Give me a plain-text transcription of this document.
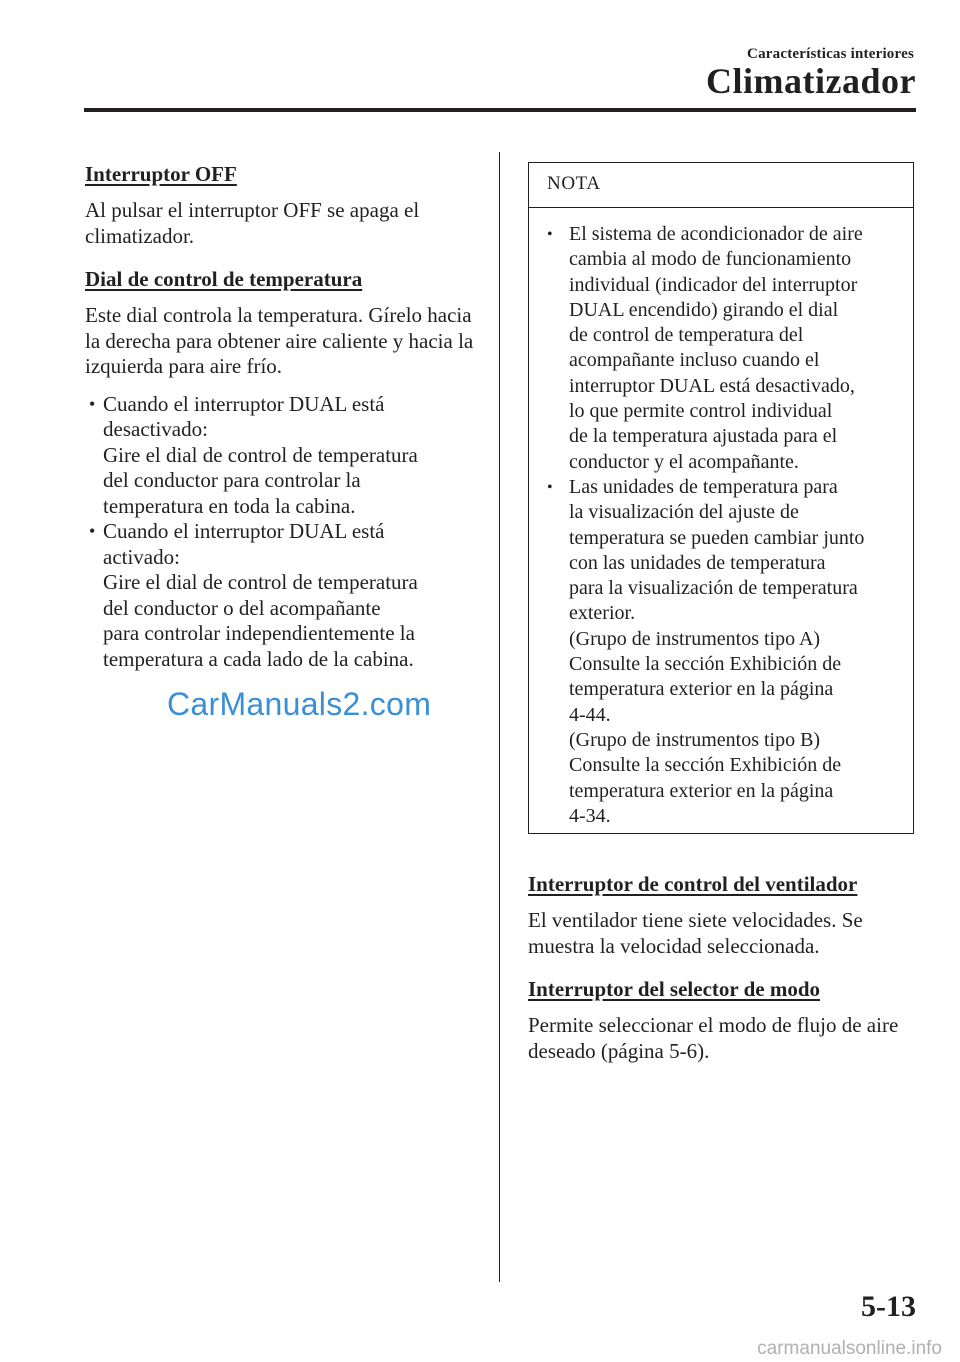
Características interiores
Climatizador
Interruptor OFF

Al pulsar el interruptor OFF se apaga el climatizador.

Dial de control de temperatura

Este dial controla la temperatura. Gírelo hacia la derecha para obtener aire caliente y hacia la izquierda para aire frío.

• Cuando el interruptor DUAL está
desactivado:
Gire el dial de control de temperatura
del conductor para controlar la
temperatura en toda la cabina.
• Cuando el interruptor DUAL está
activado:
Gire el dial de control de temperatura
del conductor o del acompañante
para controlar independientemente la
temperatura a cada lado de la cabina.
CarManuals2.com
NOTA
• El sistema de acondicionador de aire
cambia al modo de funcionamiento
individual (indicador del interruptor
DUAL encendido) girando el dial
de control de temperatura del
acompañante incluso cuando el
interruptor DUAL está desactivado,
lo que permite control individual
de la temperatura ajustada para el
conductor y el acompañante.
• Las unidades de temperatura para
la visualización del ajuste de
temperatura se pueden cambiar junto
con las unidades de temperatura
para la visualización de temperatura
exterior.
(Grupo de instrumentos tipo A)
Consulte la sección Exhibición de
temperatura exterior en la página
4-44.
(Grupo de instrumentos tipo B)
Consulte la sección Exhibición de
temperatura exterior en la página
4-34.
Interruptor de control del ventilador

El ventilador tiene siete velocidades. Se muestra la velocidad seleccionada.

Interruptor del selector de modo

Permite seleccionar el modo de flujo de aire deseado (página 5-6).

5-13
carmanualsonline.info
